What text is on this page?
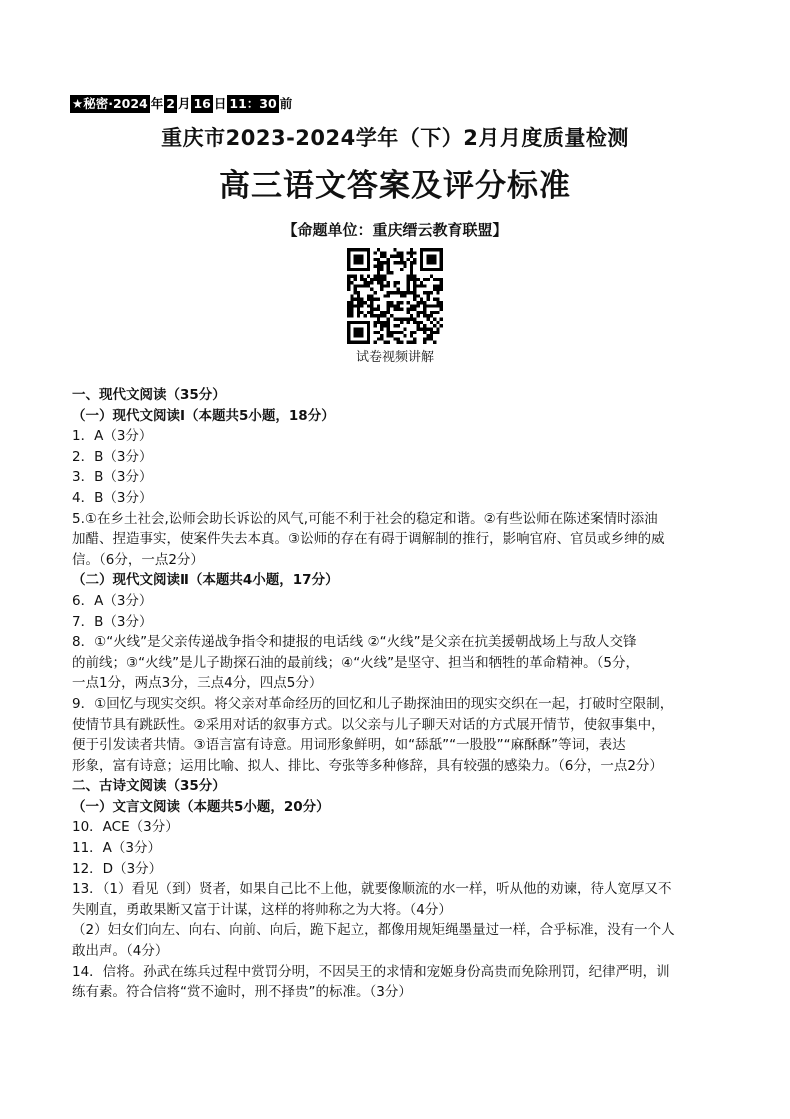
★秘密·2024 年 2 月 16 日 11：30 前
重庆市2023-2024学年（下）2月月度质量检测
高三语文答案及评分标准
【命题单位：重庆缙云教育联盟】
试卷视频讲解
一、现代文阅读（35分）
（一）现代文阅读Ⅰ（本题共5小题，18分）
1．A（3分）
2．B（3分）
3．B（3分）
4．B（3分）
5.①在乡土社会,讼师会助长诉讼的风气,可能不利于社会的稳定和谐。②有些讼师在陈述案情时添油
加醋、捏造事实，使案件失去本真。③讼师的存在有碍于调解制的推行，影响官府、官员或乡绅的威
信。（6分，一点2分）
（二）现代文阅读Ⅱ（本题共4小题，17分）
6．A（3分）
7．B（3分）
8．①“火线”是父亲传递战争指令和捷报的电话线 ②“火线”是父亲在抗美援朝战场上与敌人交锋
的前线；③“火线”是儿子勘探石油的最前线；④“火线”是坚守、担当和牺牲的革命精神。（5分，
一点1分，两点3分，三点4分，四点5分）
9．①回忆与现实交织。将父亲对革命经历的回忆和儿子勘探油田的现实交织在一起，打破时空限制，
使情节具有跳跃性。②采用对话的叙事方式。以父亲与儿子聊天对话的方式展开情节，使叙事集中，
便于引发读者共情。③语言富有诗意。用词形象鲜明，如“舔舐”“一股股”“麻酥酥”等词，表达
形象，富有诗意；运用比喻、拟人、排比、夸张等多种修辞，具有较强的感染力。（6分，一点2分）
二、古诗文阅读（35分）
（一）文言文阅读（本题共5小题，20分）
10．ACE（3分）
11．A（3分）
12．D（3分）
13．（1）看见（到）贤者，如果自己比不上他，就要像顺流的水一样，听从他的劝谏，待人宽厚又不
失刚直，勇敢果断又富于计谋，这样的将帅称之为大将。（4分）
（2）妇女们向左、向右、向前、向后，跪下起立，都像用规矩绳墨量过一样，合乎标准，没有一个人
敢出声。（4分）
14．信将。孙武在练兵过程中赏罚分明，不因吴王的求情和宠姬身份高贵而免除刑罚，纪律严明，训
练有素。符合信将“赏不逾时，刑不择贵”的标准。（3分）
